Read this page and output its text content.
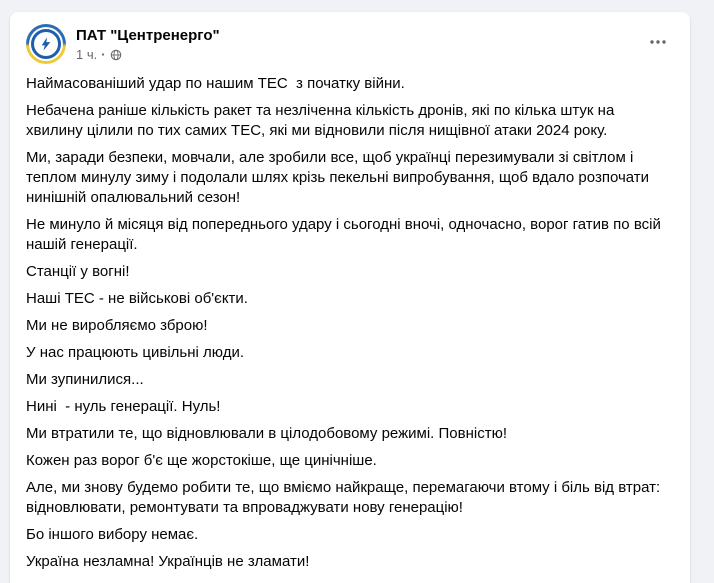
ПАТ "Центренерго"
1 ч. ·

Наймасованіший удар по нашим ТЕС  з початку війни.

Небачена раніше кількість ракет та незліченна кількість дронів, які по кілька штук на хвилину цілили по тих самих ТЕС, які ми відновили після нищівної атаки 2024 року.

Ми, заради безпеки, мовчали, але зробили все, щоб українці перезимували зі світлом і теплом минулу зиму і подолали шлях крізь пекельні випробування, щоб вдало розпочати нинішній опалювальний сезон!

Не минуло й місяця від попереднього удару і сьогодні вночі, одночасно, ворог гатив по всій нашій генерації.

Станції у вогні!

Наші ТЕС - не військові об'єкти.

Ми не виробляємо зброю!

У нас працюють цивільні люди.

Ми зупинилися...

Нині  - нуль генерації. Нуль!

Ми втратили те, що відновлювали в цілодобовому режимі. Повністю!

Кожен раз ворог б'є ще жорстокіше, ще цинічніше.

Але, ми знову будемо робити те, що вміємо найкраще, перемагаючи втому і біль від втрат: відновлювати, ремонтувати та впроваджувати нову генерацію!

Бо іншого вибору немає.

Україна незламна! Українців не зламати!
